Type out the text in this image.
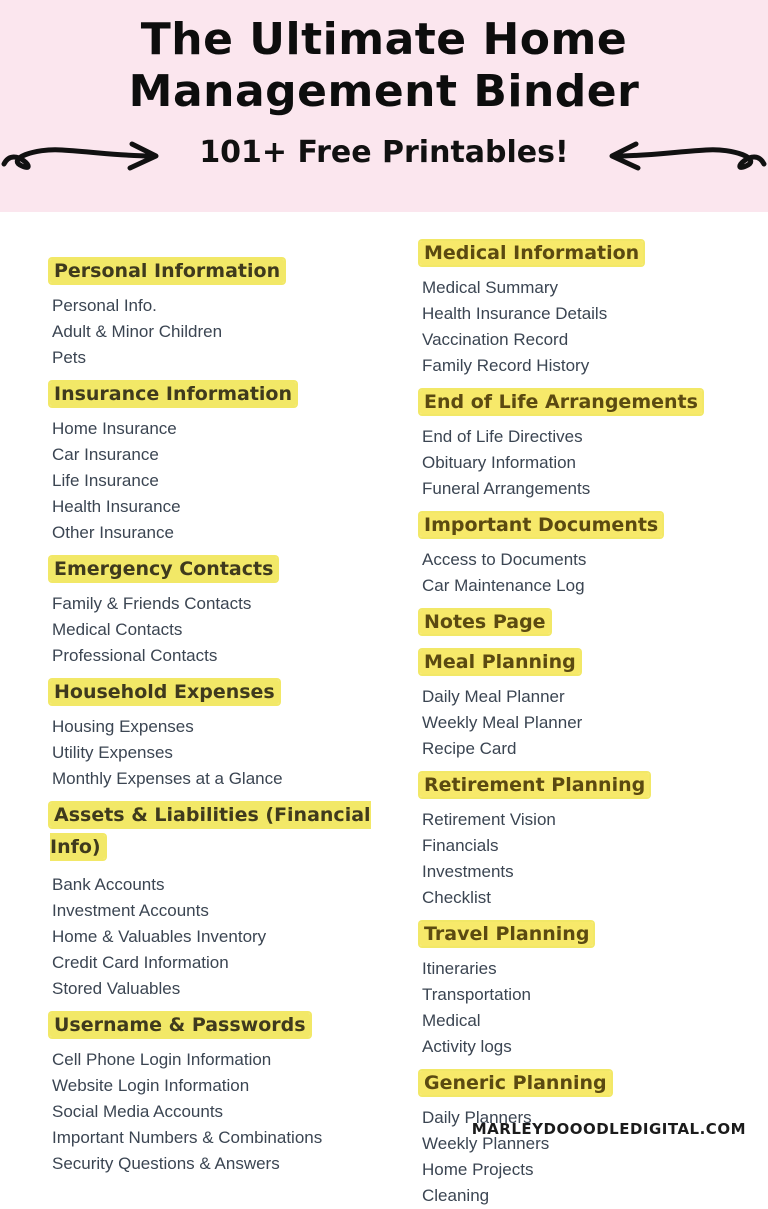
The Ultimate Home
Management Binder
101+ Free Printables!
Personal Information
Personal Info.
Adult & Minor Children
Pets
Insurance Information
Home Insurance
Car Insurance
Life Insurance
Health Insurance
Other Insurance
Emergency Contacts
Family & Friends Contacts
Medical Contacts
Professional Contacts
Household Expenses
Housing Expenses
Utility Expenses
Monthly Expenses at a Glance
Assets & Liabilities (Financial Info)
Bank Accounts
Investment Accounts
Home & Valuables Inventory
Credit Card Information
Stored Valuables
Username & Passwords
Cell Phone Login Information
Website Login Information
Social Media Accounts
Important Numbers & Combinations
Security Questions & Answers
Medical Information
Medical Summary
Health Insurance Details
Vaccination Record
Family Record History
End of Life Arrangements
End of Life Directives
Obituary Information
Funeral Arrangements
Important Documents
Access to Documents
Car Maintenance Log
Notes Page
Meal Planning
Daily Meal Planner
Weekly Meal Planner
Recipe Card
Retirement Planning
Retirement Vision
Financials
Investments
Checklist
Travel Planning
Itineraries
Transportation
Medical
Activity logs
Generic Planning
Daily Planners
Weekly Planners
Home Projects
Cleaning
MARLEYDOOODLEDIGITAL.COM
